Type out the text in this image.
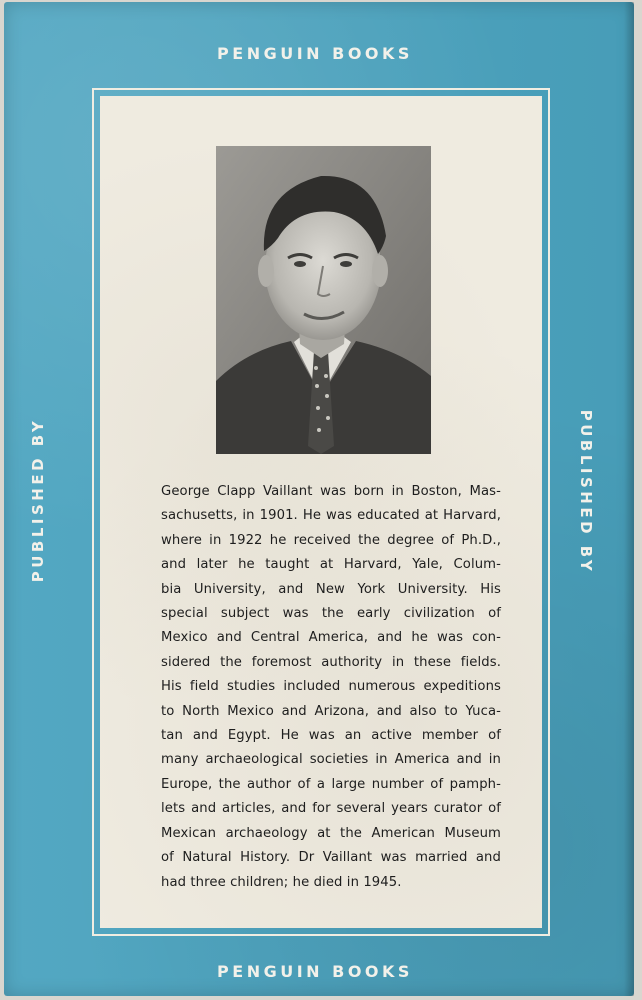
PENGUIN BOOKS
PUBLISHED BY	PUBLISHED BY
George Clapp Vaillant was born in Boston, Mas-
sachusetts, in 1901. He was educated at Harvard,
where in 1922 he received the degree of Ph.D.,
and later he taught at Harvard, Yale, Colum-
bia University, and New York University. His
special subject was the early civilization of
Mexico and Central America, and he was con-
sidered the foremost authority in these fields.
His field studies included numerous expeditions
to North Mexico and Arizona, and also to Yuca-
tan and Egypt. He was an active member of
many archaeological societies in America and in
Europe, the author of a large number of pamph-
lets and articles, and for several years curator of
Mexican archaeology at the American Museum
of Natural History. Dr Vaillant was married and
had three children; he died in 1945.
PENGUIN BOOKS
